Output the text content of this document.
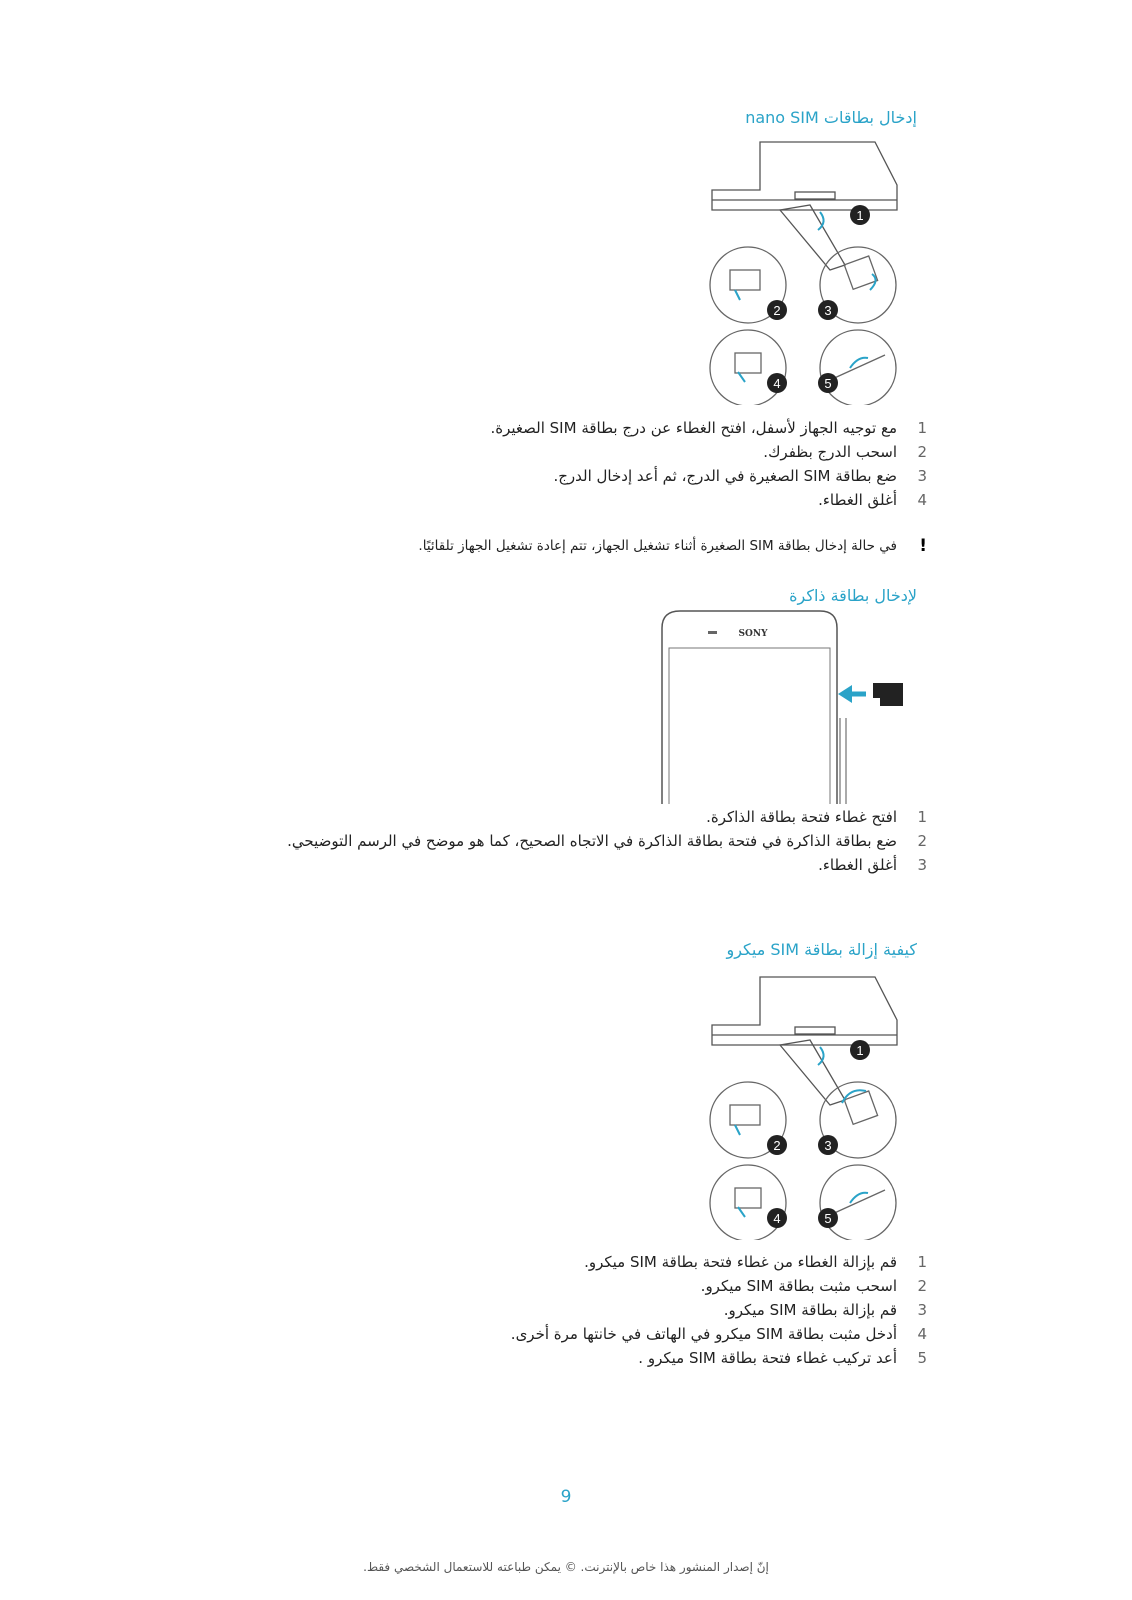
إدخال بطاقات nano SIM
1
2	3
4	5
1
مع توجيه الجهاز لأسفل، افتح الغطاء عن درج بطاقة SIM الصغيرة.
2
اسحب الدرج بظفرك.
3
ضع بطاقة SIM الصغيرة في الدرج، ثم أعد إدخال الدرج.
4
أغلق الغطاء.
!
في حالة إدخال بطاقة SIM الصغيرة أثناء تشغيل الجهاز، تتم إعادة تشغيل الجهاز تلقائيًا.
لإدخال بطاقة ذاكرة
SONY
1
افتح غطاء فتحة بطاقة الذاكرة.
2
ضع بطاقة الذاكرة في فتحة بطاقة الذاكرة في الاتجاه الصحيح، كما هو موضح في الرسم التوضيحي.
3
أغلق الغطاء.
كيفية إزالة بطاقة SIM ميكرو
1
2	3
4	5
1
قم بإزالة الغطاء من غطاء فتحة بطاقة SIM ميكرو.
2
اسحب مثبت بطاقة SIM ميكرو.
3
قم بإزالة بطاقة SIM ميكرو.
4
أدخل مثبت بطاقة SIM ميكرو في الهاتف في خانتها مرة أخرى.
5
أعد تركيب غطاء فتحة بطاقة SIM ميكرو .
9
إنّ إصدار المنشور هذا خاص بالإنترنت. © يمكن طباعته للاستعمال الشخصي فقط.
